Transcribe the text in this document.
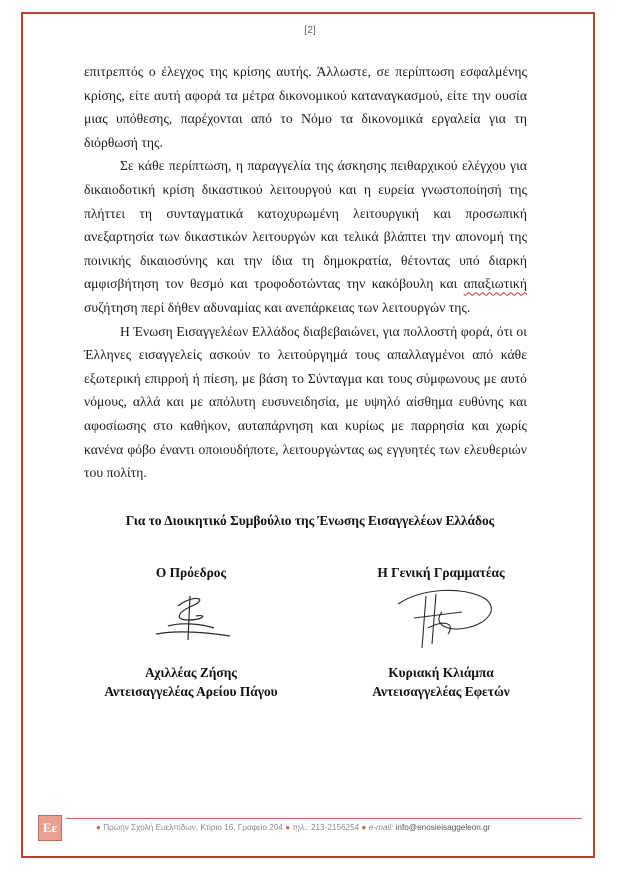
[2]

επιτρεπτός ο έλεγχος της κρίσης αυτής. Άλλωστε, σε περίπτωση εσφαλμένης κρίσης, είτε αυτή αφορά τα μέτρα δικονομικού καταναγκασμού, είτε την ουσία μιας υπόθεσης, παρέχονται από το Νόμο τα δικονομικά εργαλεία για τη διόρθωσή της.

Σε κάθε περίπτωση, η παραγγελία της άσκησης πειθαρχικού ελέγχου για δικαιοδοτική κρίση δικαστικού λειτουργού και η ευρεία γνωστοποίησή της πλήττει τη συνταγματικά κατοχυρωμένη λειτουργική και προσωπική ανεξαρτησία των δικαστικών λειτουργών και τελικά βλάπτει την απονομή της ποινικής δικαιοσύνης και την ίδια τη δημοκρατία, θέτοντας υπό διαρκή αμφισβήτηση τον θεσμό και τροφοδοτώντας την κακόβουλη και απαξιωτική συζήτηση περί δήθεν αδυναμίας και ανεπάρκειας των λειτουργών της.

Η Ένωση Εισαγγελέων Ελλάδος διαβεβαιώνει, για πολλοστή φορά, ότι οι Έλληνες εισαγγελείς ασκούν το λειτούργημά τους απαλλαγμένοι από κάθε εξωτερική επιρροή ή πίεση, με βάση το Σύνταγμα και τους σύμφωνους με αυτό νόμους, αλλά και με απόλυτη ευσυνειδησία, με υψηλό αίσθημα ευθύνης και αφοσίωσης στο καθήκον, αυταπάρνηση και κυρίως με παρρησία και χωρίς κανένα φόβο έναντι οποιουδήποτε, λειτουργώντας ως εγγυητές των ελευθεριών του πολίτη.

Για το Διοικητικό Συμβούλιο της Ένωσης Εισαγγελέων Ελλάδος
Ο Πρόεδρος	Η Γενική Γραμματέας
Αχιλλέας Ζήσης
Αντεισαγγελέας Αρείου Πάγου
Κυριακή Κλιάμπα
Αντεισαγγελέας Εφετών
Εε	● Πρώην Σχολή Ευελπίδων, Κτίριο 16, Γραφείο 204 ● τηλ.: 213-2156254 ● e-mail: info@enosieisaggeleon.gr
